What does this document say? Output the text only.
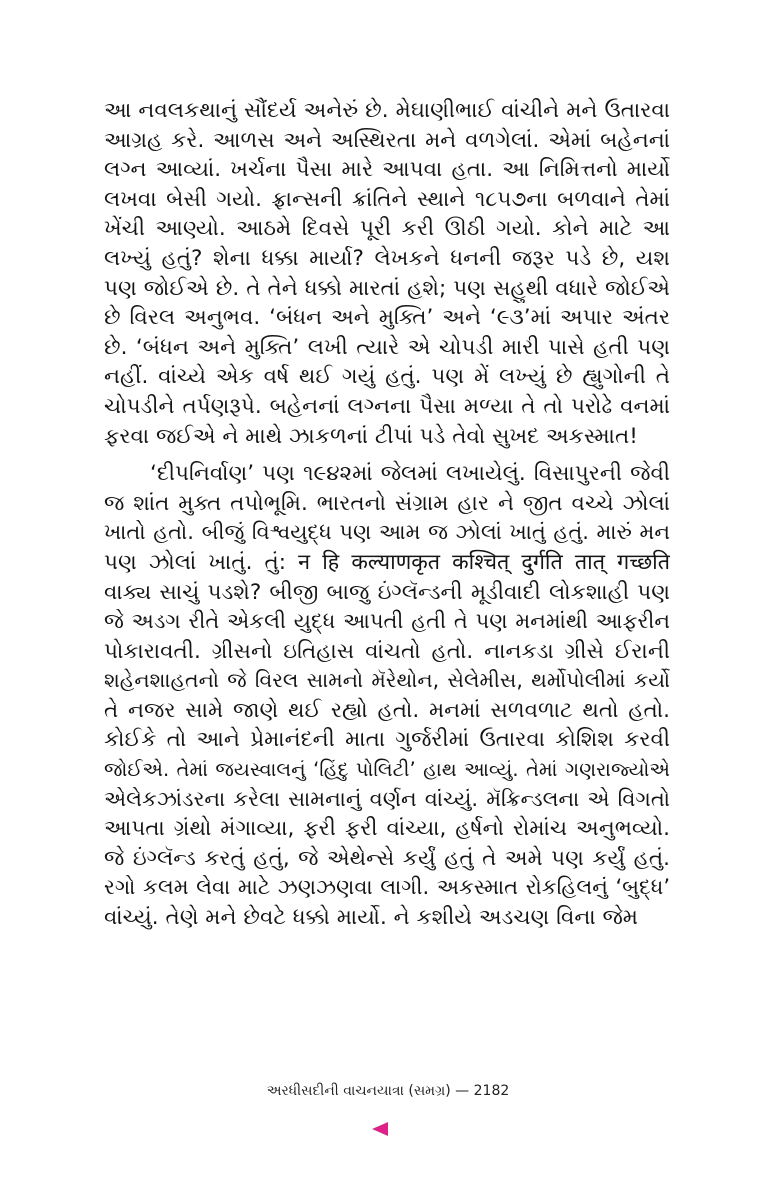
આ નવલકથાનું સૌંદર્ય અનેરું છે. મેઘાણીભાઈ વાંચીને મને ઉતારવા
આગ્રહ કરે. આળસ અને અસ્થિરતા મને વળગેલાં. એમાં બહેનનાં
લગ્ન આવ્યાં. ખર્ચના પૈસા મારે આપવા હતા. આ નિમિત્તનો માર્યો
લખવા બેસી ગયો. ફ્રાન્સની ક્રાંતિને સ્થાને ૧૮૫૭ના બળવાને તેમાં
ખેંચી આણ્યો. આઠમે દિવસે પૂરી કરી ઊઠી ગયો. કોને માટે આ
લખ્યું હતું? શેના ધક્કા માર્યા? લેખકને ધનની જરૂર પડે છે, યશ
પણ જોઈએ છે. તે તેને ધક્કો મારતાં હશે; પણ સહુથી વધારે જોઈએ
છે વિરલ અનુભવ. ‘બંધન અને મુક્તિ’ અને ‘૯૩’માં અપાર અંતર
છે. ‘બંધન અને મુક્તિ’ લખી ત્યારે એ ચોપડી મારી પાસે હતી પણ
નહીં. વાંચ્યે એક વર્ષ થઈ ગયું હતું. પણ મેં લખ્યું છે હ્યુગોની તે
ચોપડીને તર્પણરૂપે. બહેનનાં લગ્નના પૈસા મળ્યા તે તો પરોઢે વનમાં
ફરવા જઈએ ને માથે ઝાકળનાં ટીપાં પડે તેવો સુખદ અકસ્માત!
‘દીપનિર્વાણ’ પણ ૧૯૪૨માં જેલમાં લખાયેલું. વિસાપુરની જેવી
જ શાંત મુક્ત તપોભૂમિ. ભારતનો સંગ્રામ હાર ને જીત વચ્ચે ઝોલાં
ખાતો હતો. બીજું વિશ્વયુદ્ધ પણ આમ જ ઝોલાં ખાતું હતું. મારું મન
પણ ઝોલાં ખાતું. તું: न हि कल्याणकृत कश्चित् दुर्गति तात् गच्छति
વાક્ય સાચું પડશે? બીજી બાજુ ઇંગ્લૅન્ડની મૂડીવાદી લોકશાહી પણ
જે અડગ રીતે એકલી યુદ્ધ આપતી હતી તે પણ મનમાંથી આફરીન
પોકારાવતી. ગ્રીસનો ઇતિહાસ વાંચતો હતો. નાનકડા ગ્રીસે ઈરાની
શહેનશાહતનો જે વિરલ સામનો મૅરેથોન, સેલેમીસ, થર્મોપોલીમાં કર્યો
તે નજર સામે જાણે થઈ રહ્યો હતો. મનમાં સળવળાટ થતો હતો.
કોઈકે તો આને પ્રેમાનંદની માતા ગુર્જરીમાં ઉતારવા કોશિશ કરવી
જોઈએ. તેમાં જયસ્વાલનું ‘હિંદુ પોલિટી’ હાથ આવ્યું. તેમાં ગણરાજ્યોએ
એલેકઝાંડરના કરેલા સામનાનું વર્ણન વાંચ્યું. મૅક્રિન્ડલના એ વિગતો
આપતા ગ્રંથો મંગાવ્યા, ફરી ફરી વાંચ્યા, હર્ષનો રોમાંચ અનુભવ્યો.
જે ઇંગ્લૅન્ડ કરતું હતું, જે એથેન્સે કર્યું હતું તે અમે પણ કર્યું હતું.
રગો કલમ લેવા માટે ઝણઝણવા લાગી. અકસ્માત રોકહિલનું ‘બુદ્ધ’
વાંચ્યું. તેણે મને છેવટે ધક્કો માર્યો. ને કશીયે અડચણ વિના જેમ
અરધીસદીની વાચનયાત્રા (સમગ્ર) — 2182
